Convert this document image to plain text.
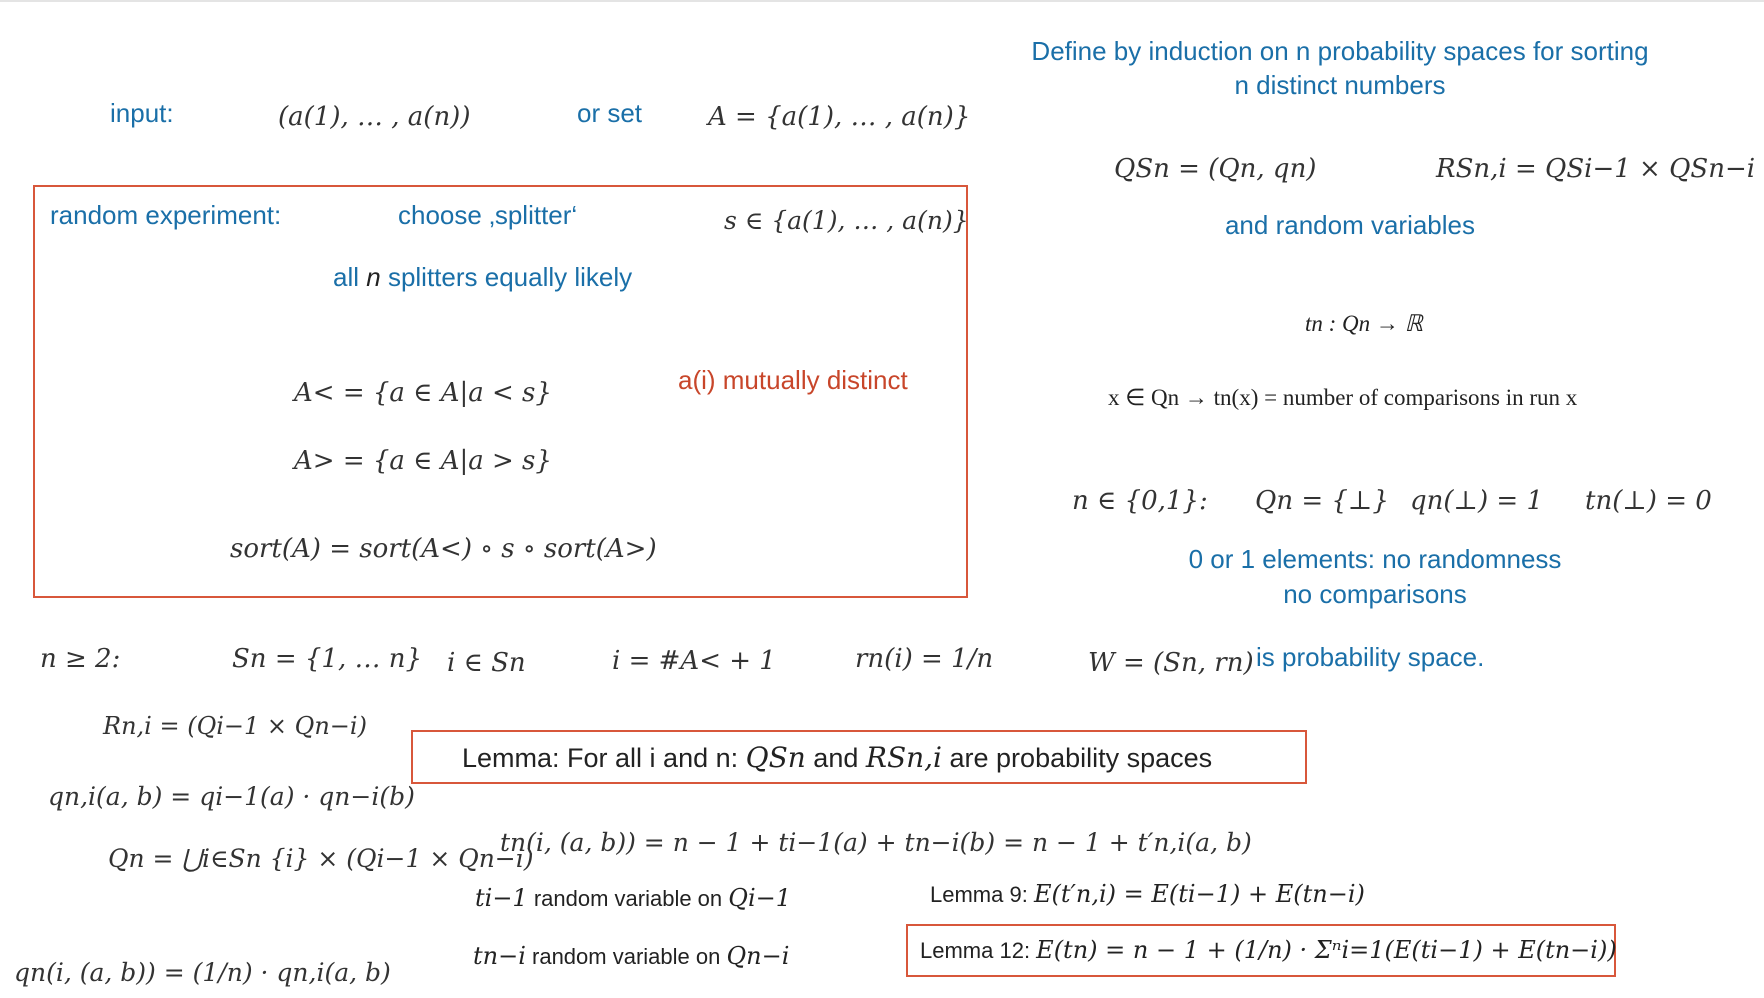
Define by induction on n probability spaces for sorting
n distinct numbers
input:	(a(1), … , a(n))	or set	A = {a(1), … , a(n)}
QSn = (Qn, qn)	RSn,i = QSi−1 × QSn−i
and random variables
random experiment:	choose ‚splitter‘	s ∈ {a(1), … , a(n)}
all n splitters equally likely
a(i) mutually distinct
A< = {a ∈ A|a < s}
A> = {a ∈ A|a > s}
sort(A) = sort(A<) ∘ s ∘ sort(A>)
tn : Qn → ℝ
x ∈ Qn → tn(x) = number of comparisons in run x
n ∈ {0,1}: Qn = {⊥} qn(⊥) = 1 tn(⊥) = 0
0 or 1 elements: no randomness
no comparisons
n ≥ 2:	Sn = {1, … n} i ∈ Sn	i = #A< + 1	rn(i) = 1/n	W = (Sn, rn) is probability space.
Rn,i = (Qi−1 × Qn−i)
Lemma: For all i and n: QSn and RSn,i are probability spaces
qn,i(a, b) = qi−1(a) · qn−i(b)
Qn = ⋃i∈Sn {i} × (Qi−1 × Qn−i)
tn(i, (a, b)) = n − 1 + ti−1(a) + tn−i(b) = n − 1 + t′n,i(a, b)
ti−1 random variable on Qi−1
tn−i random variable on Qn−i
Lemma 9: E(t′n,i) = E(ti−1) + E(tn−i)
Lemma 12: E(tn) = n − 1 + (1/n) · Σⁿi=1(E(ti−1) + E(tn−i))
qn(i, (a, b)) = (1/n) · qn,i(a, b)
